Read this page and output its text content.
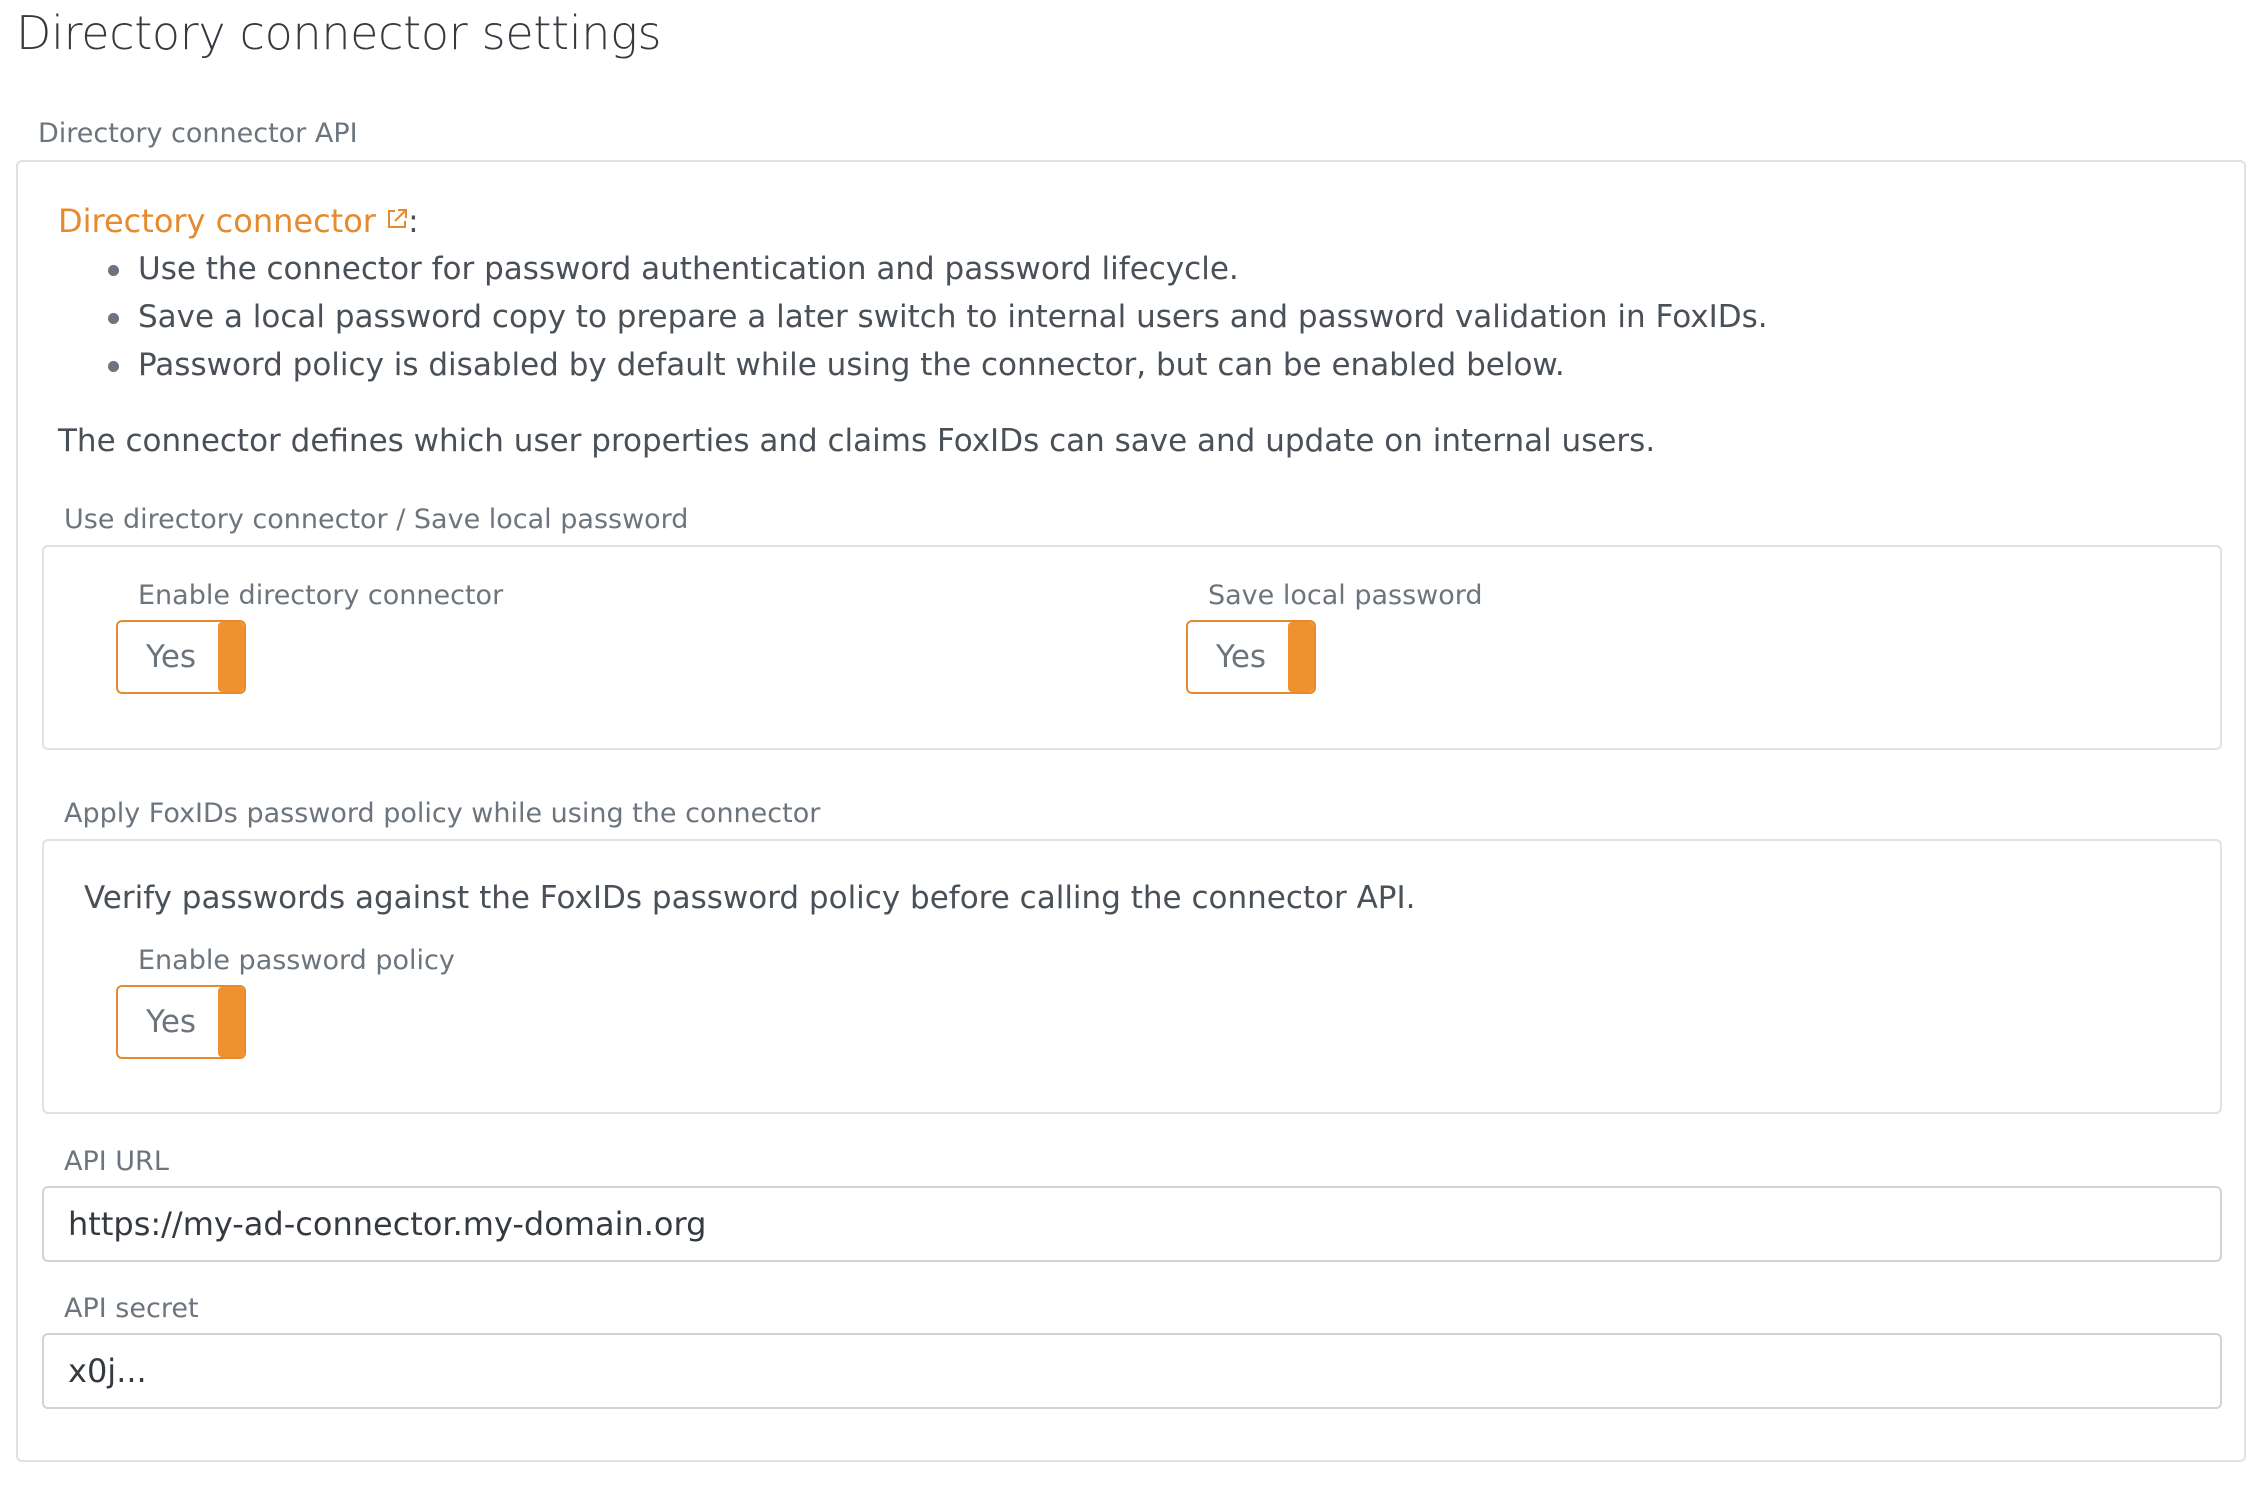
Directory connector settings
Directory connector API
Directory connector :
Use the connector for password authentication and password lifecycle.
Save a local password copy to prepare a later switch to internal users and password validation in FoxIDs.
Password policy is disabled by default while using the connector, but can be enabled below.
The connector defines which user properties and claims FoxIDs can save and update on internal users.
Use directory connector / Save local password
Enable directory connector
Yes
Save local password
Yes
Apply FoxIDs password policy while using the connector
Verify passwords against the FoxIDs password policy before calling the connector API.
Enable password policy
Yes
API URL
https://my-ad-connector.my-domain.org
API secret
x0j...
